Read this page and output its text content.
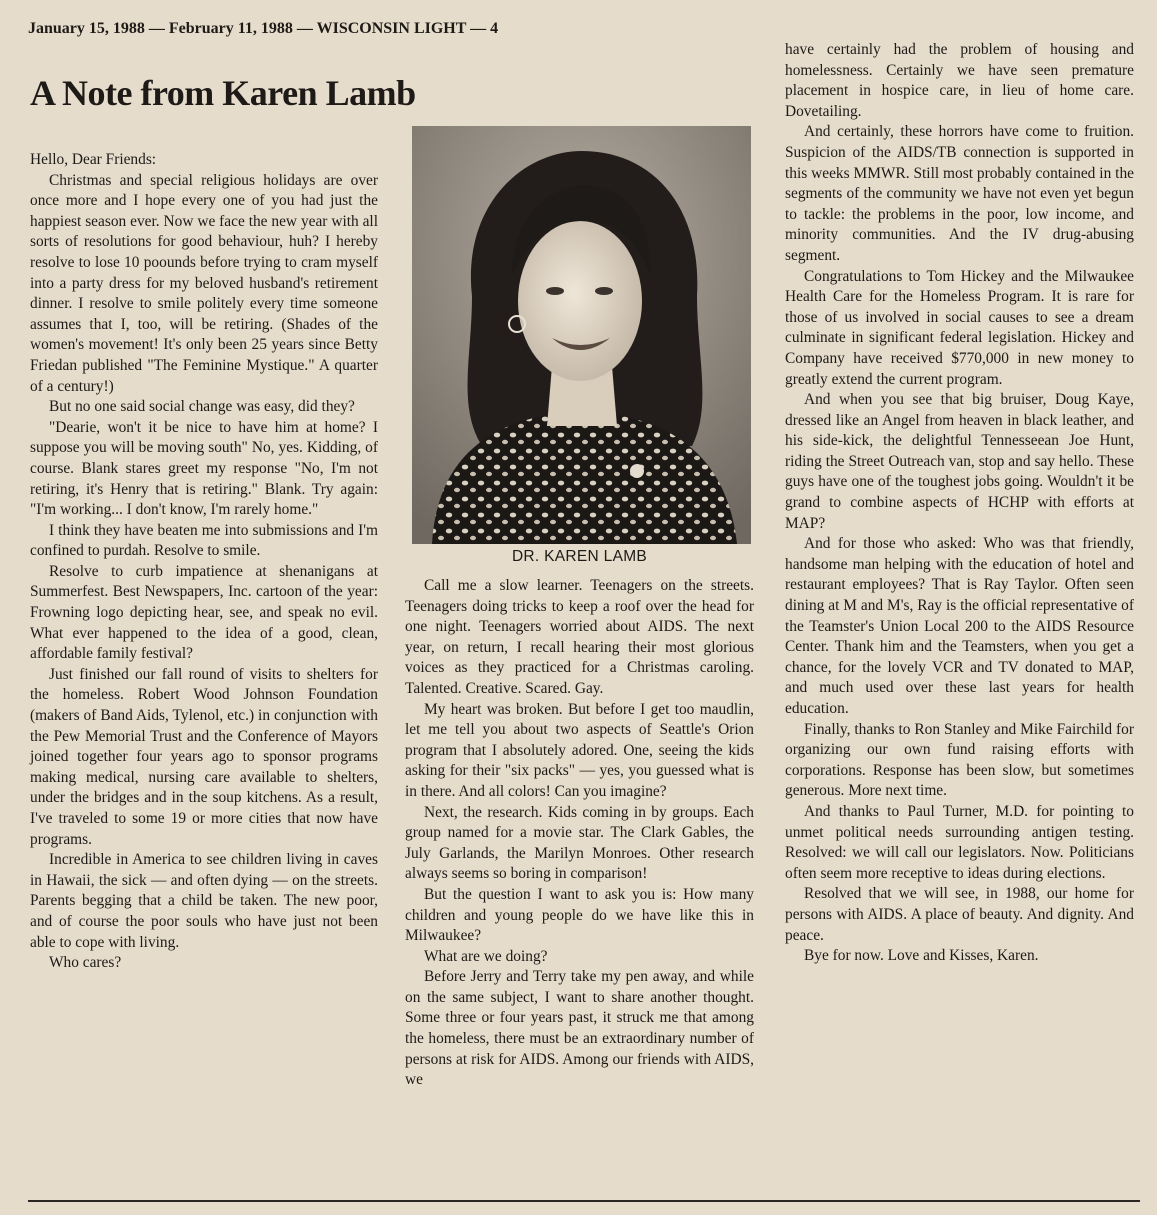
January 15, 1988 — February 11, 1988 — WISCONSIN LIGHT — 4
A Note from Karen Lamb

Hello, Dear Friends:

Christmas and special religious holidays are over once more and I hope every one of you had just the happiest season ever. Now we face the new year with all sorts of resolutions for good behaviour, huh? I hereby resolve to lose 10 poounds before trying to cram myself into a party dress for my beloved husband's retirement dinner. I resolve to smile politely every time someone assumes that I, too, will be retiring. (Shades of the women's movement! It's only been 25 years since Betty Friedan published "The Feminine Mystique." A quarter of a century!)

But no one said social change was easy, did they?

"Dearie, won't it be nice to have him at home? I suppose you will be moving south" No, yes. Kidding, of course. Blank stares greet my response "No, I'm not retiring, it's Henry that is retiring." Blank. Try again: "I'm working... I don't know, I'm rarely home."

I think they have beaten me into submissions and I'm confined to purdah. Resolve to smile.

Resolve to curb impatience at shenanigans at Summerfest. Best Newspapers, Inc. cartoon of the year: Frowning logo depicting hear, see, and speak no evil. What ever happened to the idea of a good, clean, affordable family festival?

Just finished our fall round of visits to shelters for the homeless. Robert Wood Johnson Foundation (makers of Band Aids, Tylenol, etc.) in conjunction with the Pew Memorial Trust and the Conference of Mayors joined together four years ago to sponsor programs making medical, nursing care available to shelters, under the bridges and in the soup kitchens. As a result, I've traveled to some 19 or more cities that now have programs.

Incredible in America to see children living in caves in Hawaii, the sick — and often dying — on the streets. Parents begging that a child be taken. The new poor, and of course the poor souls who have just not been able to cope with living.

Who cares?

DR. KAREN LAMB

Call me a slow learner. Teenagers on the streets. Teenagers doing tricks to keep a roof over the head for one night. Teenagers worried about AIDS. The next year, on return, I recall hearing their most glorious voices as they practiced for a Christmas caroling. Talented. Creative. Scared. Gay.

My heart was broken. But before I get too maudlin, let me tell you about two aspects of Seattle's Orion program that I absolutely adored. One, seeing the kids asking for their "six packs" — yes, you guessed what is in there. And all colors! Can you imagine?

Next, the research. Kids coming in by groups. Each group named for a movie star. The Clark Gables, the July Garlands, the Marilyn Monroes. Other research always seems so boring in comparison!

But the question I want to ask you is: How many children and young people do we have like this in Milwaukee?

What are we doing?

Before Jerry and Terry take my pen away, and while on the same subject, I want to share another thought. Some three or four years past, it struck me that among the homeless, there must be an extraordinary number of persons at risk for AIDS. Among our friends with AIDS, we

have certainly had the problem of housing and homelessness. Certainly we have seen premature placement in hospice care, in lieu of home care. Dovetailing.

And certainly, these horrors have come to fruition. Suspicion of the AIDS/TB connection is supported in this weeks MMWR. Still most probably contained in the segments of the community we have not even yet begun to tackle: the problems in the poor, low income, and minority communities. And the IV drug-abusing segment.

Congratulations to Tom Hickey and the Milwaukee Health Care for the Homeless Program. It is rare for those of us involved in social causes to see a dream culminate in significant federal legislation. Hickey and Company have received $770,000 in new money to greatly extend the current program.

And when you see that big bruiser, Doug Kaye, dressed like an Angel from heaven in black leather, and his side-kick, the delightful Tennesseean Joe Hunt, riding the Street Outreach van, stop and say hello. These guys have one of the toughest jobs going. Wouldn't it be grand to combine aspects of HCHP with efforts at MAP?

And for those who asked: Who was that friendly, handsome man helping with the education of hotel and restaurant employees? That is Ray Taylor. Often seen dining at M and M's, Ray is the official representative of the Teamster's Union Local 200 to the AIDS Resource Center. Thank him and the Teamsters, when you get a chance, for the lovely VCR and TV donated to MAP, and much used over these last years for health education.

Finally, thanks to Ron Stanley and Mike Fairchild for organizing our own fund raising efforts with corporations. Response has been slow, but sometimes generous. More next time.

And thanks to Paul Turner, M.D. for pointing to unmet political needs surrounding antigen testing. Resolved: we will call our legislators. Now. Politicians often seem more receptive to ideas during elections.

Resolved that we will see, in 1988, our home for persons with AIDS. A place of beauty. And dignity. And peace.

Bye for now. Love and Kisses, Karen.
